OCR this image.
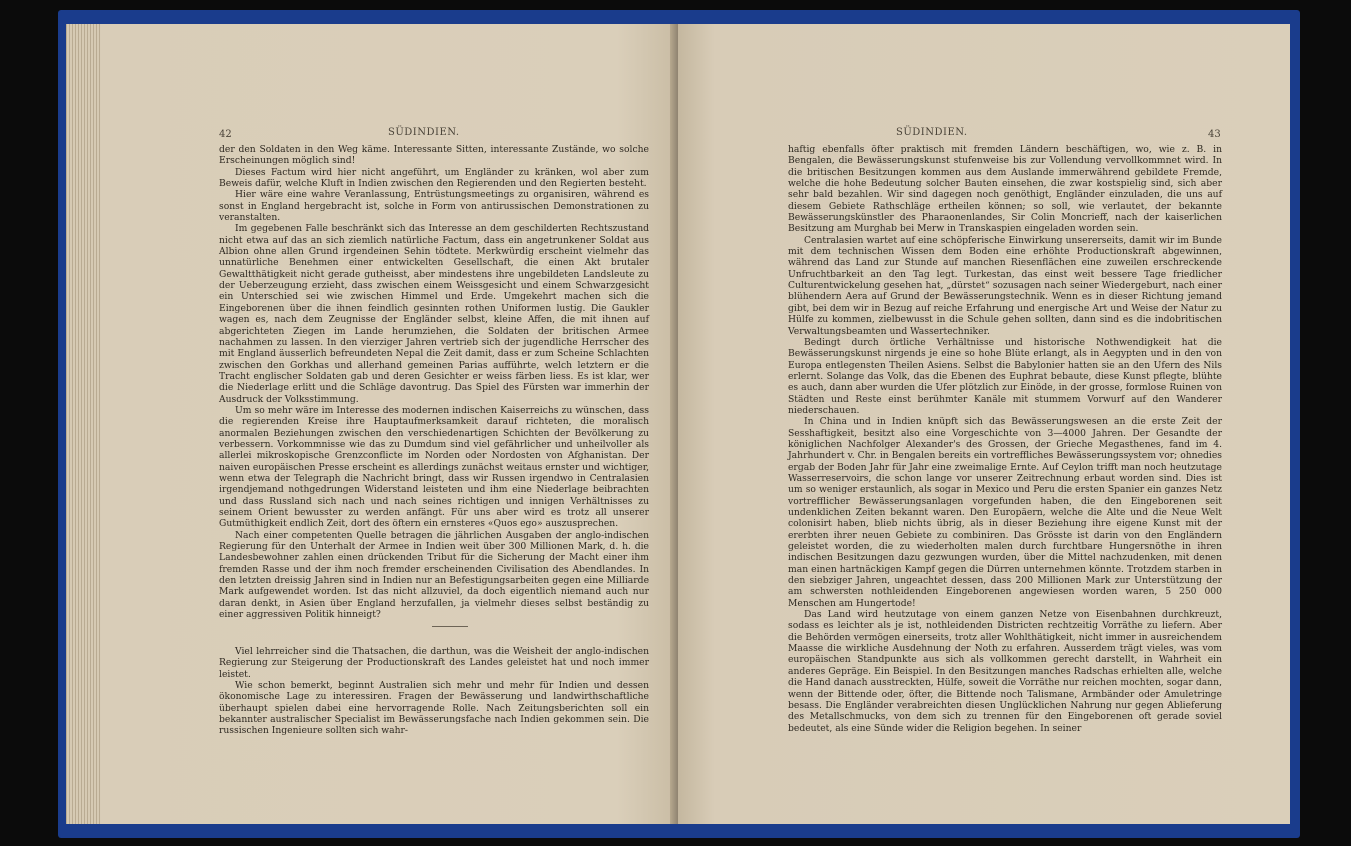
42	SÜDINDIEN.

der den Soldaten in den Weg käme. Interessante Sitten, interessante Zustände, wo solche Erscheinungen möglich sind!

Dieses Factum wird hier nicht angeführt, um Engländer zu kränken, wol aber zum Beweis dafür, welche Kluft in Indien zwischen den Regierenden und den Regierten besteht.

Hier wäre eine wahre Veranlassung, Entrüstungsmeetings zu organisiren, während es sonst in England hergebracht ist, solche in Form von antirussischen Demonstrationen zu veranstalten.

Im gegebenen Falle beschränkt sich das Interesse an dem geschilderten Rechtszustand nicht etwa auf das an sich ziemlich natürliche Factum, dass ein angetrunkener Soldat aus Albion ohne allen Grund irgendeinen Sehin tödtete. Merkwürdig erscheint vielmehr das unnatürliche Benehmen einer entwickelten Gesellschaft, die einen Akt brutaler Gewaltthätigkeit nicht gerade gutheisst, aber mindestens ihre ungebildeten Landsleute zu der Ueberzeugung erzieht, dass zwischen einem Weissgesicht und einem Schwarzgesicht ein Unterschied sei wie zwischen Himmel und Erde. Umgekehrt machen sich die Eingeborenen über die ihnen feindlich gesinnten rothen Uniformen lustig. Die Gaukler wagen es, nach dem Zeugnisse der Engländer selbst, kleine Affen, die mit ihnen auf abgerichteten Ziegen im Lande herumziehen, die Soldaten der britischen Armee nachahmen zu lassen. In den vierziger Jahren vertrieb sich der jugendliche Herrscher des mit England äusserlich befreundeten Nepal die Zeit damit, dass er zum Scheine Schlachten zwischen den Gorkhas und allerhand gemeinen Parias aufführte, welch letztern er die Tracht englischer Soldaten gab und deren Gesichter er weiss färben liess. Es ist klar, wer die Niederlage erlitt und die Schläge davontrug. Das Spiel des Fürsten war immerhin der Ausdruck der Volksstimmung.

Um so mehr wäre im Interesse des modernen indischen Kaiserreichs zu wünschen, dass die regierenden Kreise ihre Hauptaufmerksamkeit darauf richteten, die moralisch anormalen Beziehungen zwischen den verschiedenartigen Schichten der Bevölkerung zu verbessern. Vorkommnisse wie das zu Dumdum sind viel gefährlicher und unheilvoller als allerlei mikroskopische Grenzconflicte im Norden oder Nordosten von Afghanistan. Der naiven europäischen Presse erscheint es allerdings zunächst weitaus ernster und wichtiger, wenn etwa der Telegraph die Nachricht bringt, dass wir Russen irgendwo in Centralasien irgendjemand nothgedrungen Widerstand leisteten und ihm eine Niederlage beibrachten und dass Russland sich nach und nach seines richtigen und innigen Verhältnisses zu seinem Orient bewusster zu werden anfängt. Für uns aber wird es trotz all unserer Gutmüthigkeit endlich Zeit, dort des öftern ein ernsteres «Quos ego» auszusprechen.

Nach einer competenten Quelle betragen die jährlichen Ausgaben der anglo-indischen Regierung für den Unterhalt der Armee in Indien weit über 300 Millionen Mark, d. h. die Landesbewohner zahlen einen drückenden Tribut für die Sicherung der Macht einer ihm fremden Rasse und der ihm noch fremder erscheinenden Civilisation des Abendlandes. In den letzten dreissig Jahren sind in Indien nur an Befestigungsarbeiten gegen eine Milliarde Mark aufgewendet worden. Ist das nicht allzuviel, da doch eigentlich niemand auch nur daran denkt, in Asien über England herzufallen, ja vielmehr dieses selbst beständig zu einer aggressiven Politik hinneigt?

Viel lehrreicher sind die Thatsachen, die darthun, was die Weisheit der anglo-indischen Regierung zur Steigerung der Productionskraft des Landes geleistet hat und noch immer leistet.

Wie schon bemerkt, beginnt Australien sich mehr und mehr für Indien und dessen ökonomische Lage zu interessiren. Fragen der Bewässerung und landwirthschaftliche überhaupt spielen dabei eine hervorragende Rolle. Nach Zeitungsberichten soll ein bekannter australischer Specialist im Bewässerungsfache nach Indien gekommen sein. Die russischen Ingenieure sollten sich wahr-

SÜDINDIEN.	43

haftig ebenfalls öfter praktisch mit fremden Ländern beschäftigen, wo, wie z. B. in Bengalen, die Bewässerungskunst stufenweise bis zur Vollendung vervollkommnet wird. In die britischen Besitzungen kommen aus dem Auslande immerwährend gebildete Fremde, welche die hohe Bedeutung solcher Bauten einsehen, die zwar kostspielig sind, sich aber sehr bald bezahlen. Wir sind dagegen noch genöthigt, Engländer einzuladen, die uns auf diesem Gebiete Rathschläge ertheilen können; so soll, wie verlautet, der bekannte Bewässerungskünstler des Pharaonenlandes, Sir Colin Moncrieff, nach der kaiserlichen Besitzung am Murghab bei Merw in Transkaspien eingeladen worden sein.

Centralasien wartet auf eine schöpferische Einwirkung unsererseits, damit wir im Bunde mit dem technischen Wissen dem Boden eine erhöhte Productionskraft abgewinnen, während das Land zur Stunde auf manchen Riesenflächen eine zuweilen erschreckende Unfruchtbarkeit an den Tag legt. Turkestan, das einst weit bessere Tage friedlicher Culturentwickelung gesehen hat, „dürstet“ sozusagen nach seiner Wiedergeburt, nach einer blühendern Aera auf Grund der Bewässerungstechnik. Wenn es in dieser Richtung jemand gibt, bei dem wir in Bezug auf reiche Erfahrung und energische Art und Weise der Natur zu Hülfe zu kommen, zielbewusst in die Schule gehen sollten, dann sind es die indobritischen Verwaltungsbeamten und Wassertechniker.

Bedingt durch örtliche Verhältnisse und historische Nothwendigkeit hat die Bewässerungskunst nirgends je eine so hohe Blüte erlangt, als in Aegypten und in den von Europa entlegensten Theilen Asiens. Selbst die Babylonier hatten sie an den Ufern des Nils erlernt. Solange das Volk, das die Ebenen des Euphrat bebaute, diese Kunst pflegte, blühte es auch, dann aber wurden die Ufer plötzlich zur Einöde, in der grosse, formlose Ruinen von Städten und Reste einst berühmter Kanäle mit stummem Vorwurf auf den Wanderer niederschauen.

In China und in Indien knüpft sich das Bewässerungswesen an die erste Zeit der Sesshaftigkeit, besitzt also eine Vorgeschichte von 3—4000 Jahren. Der Gesandte der königlichen Nachfolger Alexander's des Grossen, der Grieche Megasthenes, fand im 4. Jahrhundert v. Chr. in Bengalen bereits ein vortreffliches Bewässerungssystem vor; ohnedies ergab der Boden Jahr für Jahr eine zweimalige Ernte. Auf Ceylon trifft man noch heutzutage Wasserreservoirs, die schon lange vor unserer Zeitrechnung erbaut worden sind. Dies ist um so weniger erstaunlich, als sogar in Mexico und Peru die ersten Spanier ein ganzes Netz vortrefflicher Bewässerungsanlagen vorgefunden haben, die den Eingeborenen seit undenklichen Zeiten bekannt waren. Den Europäern, welche die Alte und die Neue Welt colonisirt haben, blieb nichts übrig, als in dieser Beziehung ihre eigene Kunst mit der ererbten ihrer neuen Gebiete zu combiniren. Das Grösste ist darin von den Engländern geleistet worden, die zu wiederholten malen durch furchtbare Hungersnöthe in ihren indischen Besitzungen dazu gezwungen wurden, über die Mittel nachzudenken, mit denen man einen hartnäckigen Kampf gegen die Dürren unternehmen könnte. Trotzdem starben in den siebziger Jahren, ungeachtet dessen, dass 200 Millionen Mark zur Unterstützung der am schwersten nothleidenden Eingeborenen angewiesen worden waren, 5 250 000 Menschen am Hungertode!

Das Land wird heutzutage von einem ganzen Netze von Eisenbahnen durchkreuzt, sodass es leichter als je ist, nothleidenden Districten rechtzeitig Vorräthe zu liefern. Aber die Behörden vermögen einerseits, trotz aller Wohlthätigkeit, nicht immer in ausreichendem Maasse die wirkliche Ausdehnung der Noth zu erfahren. Ausserdem trägt vieles, was vom europäischen Standpunkte aus sich als vollkommen gerecht darstellt, in Wahrheit ein anderes Gepräge. Ein Beispiel. In den Besitzungen manches Radschas erhielten alle, welche die Hand danach ausstreckten, Hülfe, soweit die Vorräthe nur reichen mochten, sogar dann, wenn der Bittende oder, öfter, die Bittende noch Talismane, Armbänder oder Amuletringe besass. Die Engländer verabreichten diesen Unglücklichen Nahrung nur gegen Ablieferung des Metallschmucks, von dem sich zu trennen für den Eingeborenen oft gerade soviel bedeutet, als eine Sünde wider die Religion begehen. In seiner
